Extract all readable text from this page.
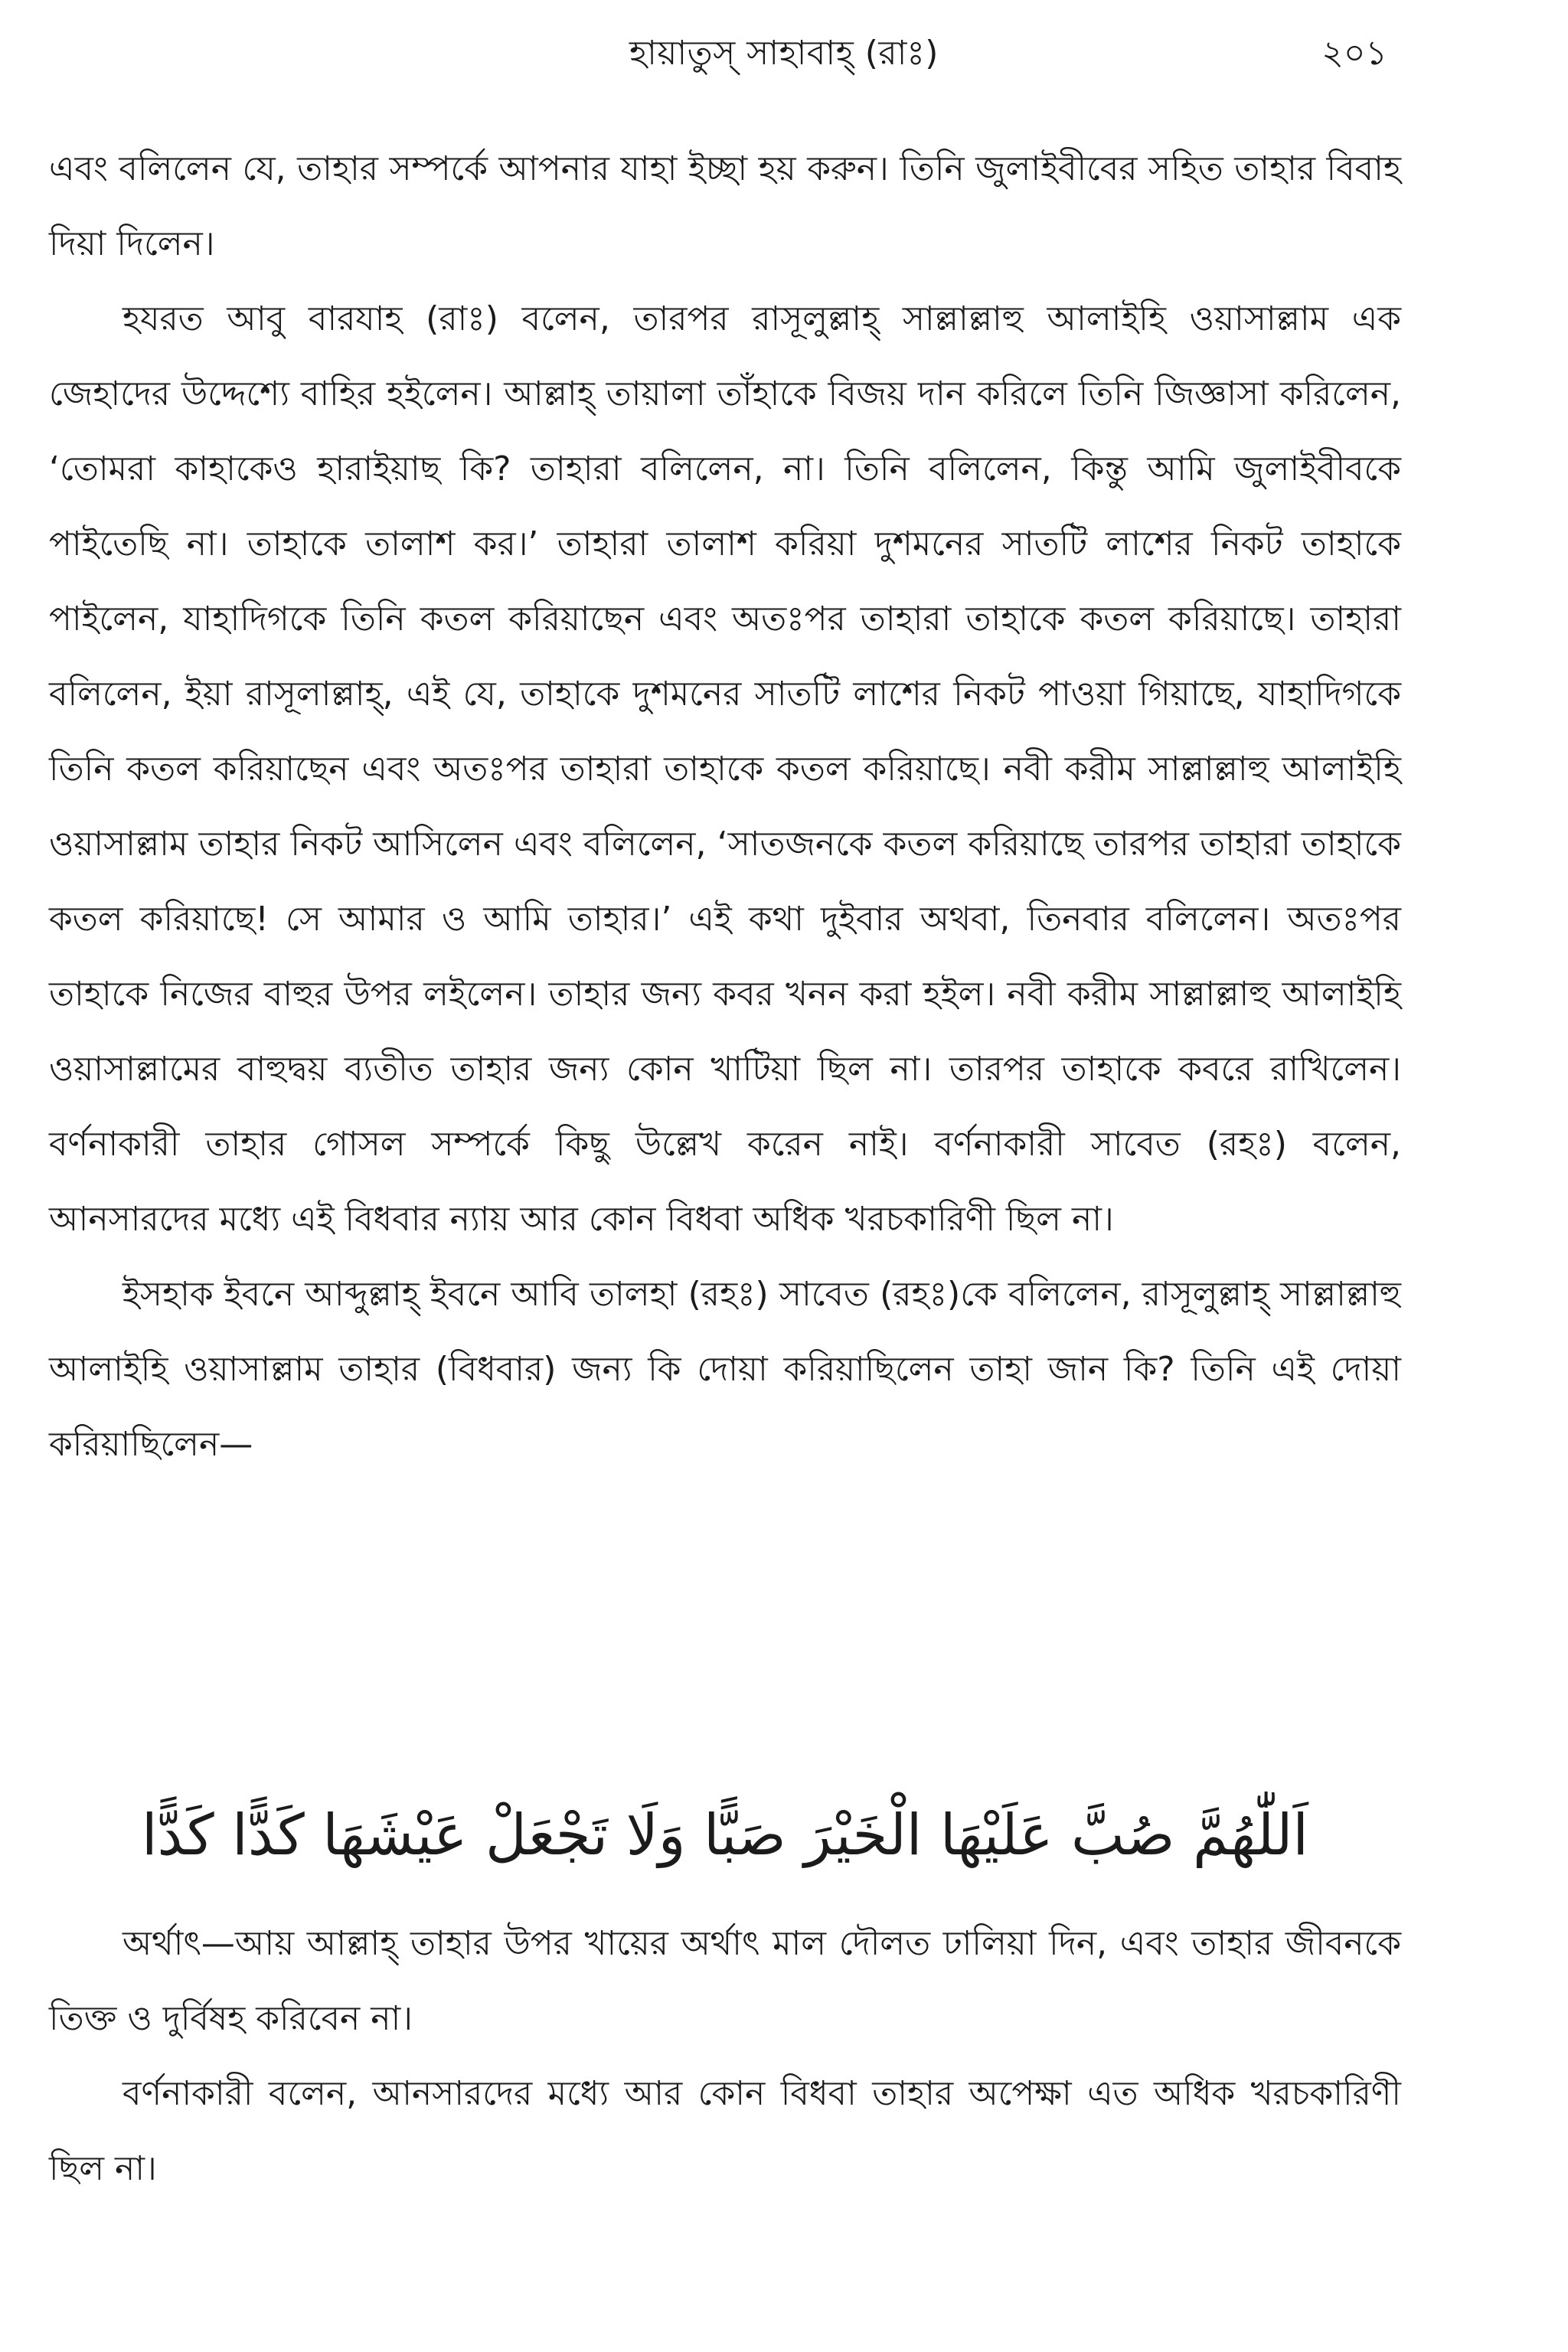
হায়াতুস্ সাহাবাহ্ (রাঃ)	২০১

এবং বলিলেন যে, তাহার সম্পর্কে আপনার যাহা ইচ্ছা হয় করুন। তিনি জুলাইবীবের সহিত তাহার বিবাহ দিয়া দিলেন।

হযরত আবু বারযাহ (রাঃ) বলেন, তারপর রাসূলুল্লাহ্ সাল্লাল্লাহু আলাইহি ওয়াসাল্লাম এক জেহাদের উদ্দেশ্যে বাহির হইলেন। আল্লাহ্ তায়ালা তাঁহাকে বিজয় দান করিলে তিনি জিজ্ঞাসা করিলেন, ‘তোমরা কাহাকেও হারাইয়াছ কি? তাহারা বলিলেন, না। তিনি বলিলেন, কিন্তু আমি জুলাইবীবকে পাইতেছি না। তাহাকে তালাশ কর।’ তাহারা তালাশ করিয়া দুশমনের সাতটি লাশের নিকট তাহাকে পাইলেন, যাহাদিগকে তিনি কতল করিয়াছেন এবং অতঃপর তাহারা তাহাকে কতল করিয়াছে। তাহারা বলিলেন, ইয়া রাসূলাল্লাহ্, এই যে, তাহাকে দুশমনের সাতটি লাশের নিকট পাওয়া গিয়াছে, যাহাদিগকে তিনি কতল করিয়াছেন এবং অতঃপর তাহারা তাহাকে কতল করিয়াছে। নবী করীম সাল্লাল্লাহু আলাইহি ওয়াসাল্লাম তাহার নিকট আসিলেন এবং বলিলেন, ‘সাতজনকে কতল করিয়াছে তারপর তাহারা তাহাকে কতল করিয়াছে! সে আমার ও আমি তাহার।’ এই কথা দুইবার অথবা, তিনবার বলিলেন। অতঃপর তাহাকে নিজের বাহুর উপর লইলেন। তাহার জন্য কবর খনন করা হইল। নবী করীম সাল্লাল্লাহু আলাইহি ওয়াসাল্লামের বাহুদ্বয় ব্যতীত তাহার জন্য কোন খাটিয়া ছিল না। তারপর তাহাকে কবরে রাখিলেন। বর্ণনাকারী তাহার গোসল সম্পর্কে কিছু উল্লেখ করেন নাই। বর্ণনাকারী সাবেত (রহঃ) বলেন, আনসারদের মধ্যে এই বিধবার ন্যায় আর কোন বিধবা অধিক খরচকারিণী ছিল না।

ইসহাক ইবনে আব্দুল্লাহ্ ইবনে আবি তালহা (রহঃ) সাবেত (রহঃ)কে বলিলেন, রাসূলুল্লাহ্ সাল্লাল্লাহু আলাইহি ওয়াসাল্লাম তাহার (বিধবার) জন্য কি দোয়া করিয়াছিলেন তাহা জান কি? তিনি এই দোয়া করিয়াছিলেন—

اَللّٰهُمَّ صُبَّ عَلَيْهَا الْخَيْرَ صَبًّا وَلَا تَجْعَلْ عَيْشَهَا كَدًّا كَدًّا

অর্থাৎ—আয় আল্লাহ্ তাহার উপর খায়ের অর্থাৎ মাল দৌলত ঢালিয়া দিন, এবং তাহার জীবনকে তিক্ত ও দুর্বিষহ করিবেন না।

বর্ণনাকারী বলেন, আনসারদের মধ্যে আর কোন বিধবা তাহার অপেক্ষা এত অধিক খরচকারিণী ছিল না।
